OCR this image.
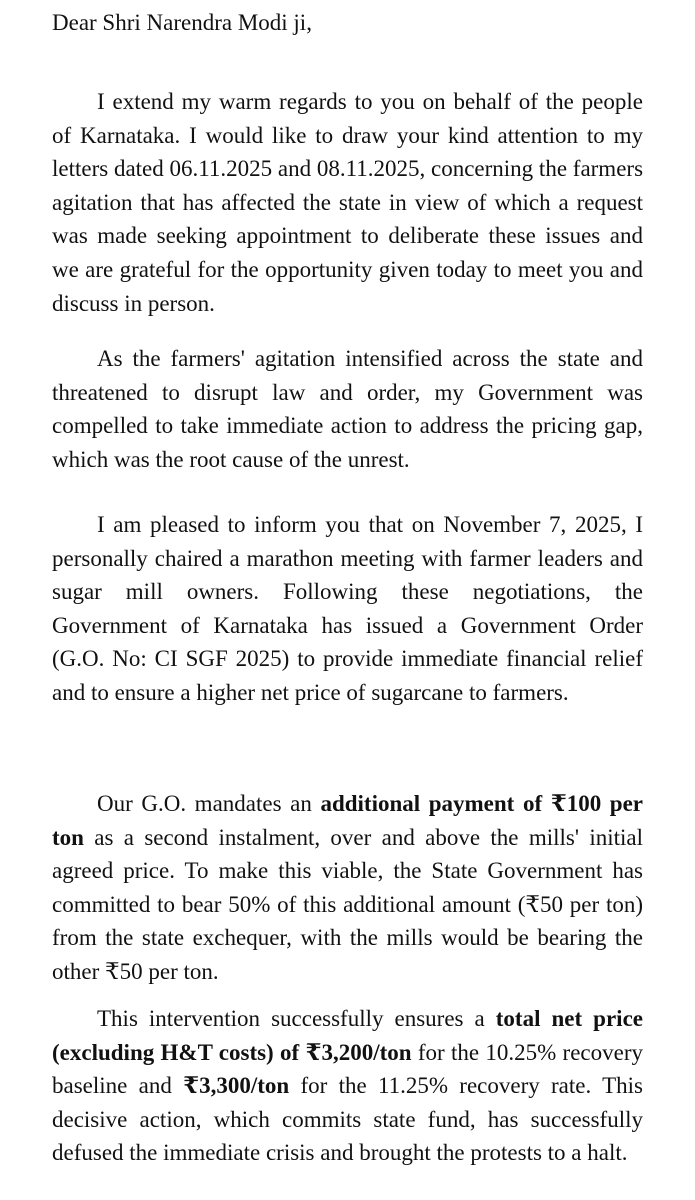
Dear Shri Narendra Modi ji,

I extend my warm regards to you on behalf of the people of Karnataka. I would like to draw your kind attention to my letters dated 06.11.2025 and 08.11.2025, concerning the farmers agitation that has affected the state in view of which a request was made seeking appointment to deliberate these issues and we are grateful for the opportunity given today to meet you and discuss in person.

As the farmers' agitation intensified across the state and threatened to disrupt law and order, my Government was compelled to take immediate action to address the pricing gap, which was the root cause of the unrest.

I am pleased to inform you that on November 7, 2025, I personally chaired a marathon meeting with farmer leaders and sugar mill owners. Following these negotiations, the Government of Karnataka has issued a Government Order (G.O. No: CI SGF 2025) to provide immediate financial relief and to ensure a higher net price of sugarcane to farmers.

Our G.O. mandates an additional payment of ₹100 per ton as a second instalment, over and above the mills' initial agreed price. To make this viable, the State Government has committed to bear 50% of this additional amount (₹50 per ton) from the state exchequer, with the mills would be bearing the other ₹50 per ton.

This intervention successfully ensures a total net price (excluding H&T costs) of ₹3,200/ton for the 10.25% recovery baseline and ₹3,300/ton for the 11.25% recovery rate. This decisive action, which commits state fund, has successfully defused the immediate crisis and brought the protests to a halt.
